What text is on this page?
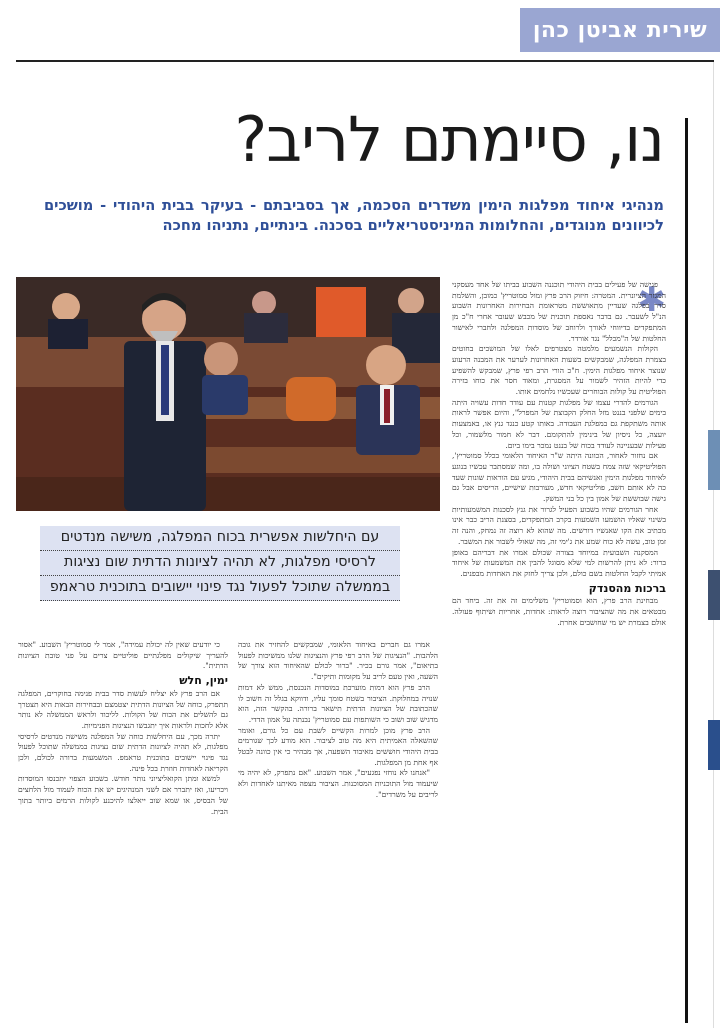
שירית אביטן כהן
נו, סיימתם לריב?
מנהיגי איחוד מפלגות הימין משדרים הסכמה, אך בסביבתם - בעיקר בבית היהודי - מושכים לכיוונים מנוגדים, והחלומות המיניסטריאליים בסכנה. בינתיים, נתניהו מחכה
עם היחלשות אפשרית בכוח המפלגה, משישה מנדטים
לרסיסי מפלגות, לא תהיה לציונות הדתית שום נציגות
בממשלה שתוכל לפעול נגד פינוי יישובים בתוכנית טראמפ
✱

פגישה של פעילים בבית היהודי תוכננה השבוע בביתו של אחד מעסקני המגזר הציונרית. המטרה: חיזוק הרב פרץ ומול סמוטריץ' כמובן, והשלמת סדר בפלגה שעדיין מתאוששת מטראומת הבחירות האחרונות השבוע הנ"ל לשעבר. גם בדבר נאספת תוכנית של מכבש שעובר אחרי ח"כ מן המתפקדים בדיווחי לאורך ולרוחב של מוסדות המפלגה ולחברי לאישור החלטות של ה"מכלל" נגד אורדר.

הקולות הנשמעים מלמטה מצטרפים לאלו של המושכים בחוטים בצמרת המפלגה, שמבקשים בשעות האחרונות לערער את המבנה הרעוע שנוצר איחוד מפלגות הימין. ח"כ הורי הרב רפי פרץ, שמבקש להשפיע כדי להיות הזהיר לשמור על המסגרת, ומאוד חסר את כוחו בזירה הפוליטית על קולות הבוחרים שעכשיו נלחמים אותו.

הגורמים להדרי עצמו של מפלגות קטנות עם עודד חדות עשויה היתה בימים שלפני בננט מזל החלק הקבוצת של המפרל", והיום אפשר לראות אותה משתקפת גם במפלגת העבודה. באותו קטע כנגד גנץ או, באמצעות יועצה, כל ניסיון של בינימין להתקומם. דבר לא חמור מלשמור, וכל פעילות שבעניינה לעודד בכוח של בננט נמכר בימו ביום.

אם נחזור לאחור, הכוונה היתה ש"ר האיחוד הלאומי בכלל סמוטריץ', הפוליטיקאי שזה צמח בשטח הציוני ושולה בו, ומה שמסתבר עכשיו בנוגע לאיחוד מפלגות הימין ואנשיהם בבית היהודי, מגיע עם הוראות שונות שעד כה לא אותם חשב, פוליטיקאי חדש, מעורבות שישיים, הריסים אבל גם גישה שבוששת של אמון בין כל בני המשק.

אחר הגורמים שהיו בשבוע הפעיל לגרור את גנץ לסכנות המשמעותיות בשינוי שאליו הושמעו השמעות בקרב המתפקדים, בסצנת הריב כבר אינו מכתיב את הקו שאנשיו דורשים. מה שהוא לא רוצה זה נמחק, והנה זה זמן טוב, עשה לא כוח שמע את ג'ימי זה, מה שאולי לשבור את המשבר.

המסקנה השבועית במיוחד בצורה שכולם אמרו את דבריהם באופן ברור: לא ניתן להרשות למי שלא מסוגל להבין את המשמעות של איחוד אמיתי לקבל החלטות בשם כולם, ולכן צריך לחזק את האחדות מבפנים.

ברכות מהסנדק

מבחינת הרב פרץ, הוא וסמוטריץ' משלימים זה את זה. ביחד הם מבטאים את מה שהציבור רוצה לראות: אחדות, אחריות ושיתוף פעולה. אולם בצמרת יש מי שחושבים אחרת.

אמרו גם חברים באיחוד הלאומי, שמבקשים להחזיר את גובה הלהבות. "הנציגות של הרב רפי פרץ והנציגות שלנו ממשיכות לפעול בתיאום", אמר גורם בכיר. "ברור לכולם שהאיחוד הוא צורך של השעה, ואין טעם לריב על מקומות ותיקים".

הרב פרץ הוא דמות מוערכת במוסדות הנכנסת, ממש לא דמות שנויה במחלוקת. הציבור בשטח סומך עליו, ודווקא בגלל זה חשוב לו שהכתובת של הציונות הדתית תישאר ברורה. בהקשר הזה, הוא מדגיש שוב ושוב כי השותפות עם סמוטריץ' נבנתה על אמון הדדי.

הרב פרץ מוכן למרות הקשיים לשבת עם כל גורם, ואומר שהשאלה האמיתית היא מה טוב לציבור. הוא מודע לכך שגורמים בבית היהודי חוששים מאיבוד השפעה, אך מבהיר כי אין כוונה לבטל אף אחת מן המפלגות.

"אנחנו לא נוחזי נפגעים", אמר השבוע. "אם נתפרק, לא יהיה מי שיעמוד מול התוכניות המסוכנות. הציבור מצפה מאיתנו לאחדות ולא לריבים על משרדים".

כי יודעים שאין לה יכולת עמידה", אמר לי סמוטריץ' השבוע. "אסור להעריך שיקולים מפלגתיים פוליטיים צרים על פני טובת הציונות הדתית".

ימין, חלש

אם הרב פרץ לא יצליח לעשות סדר בבית פנימה בחוקרים, המפלגה תתפרק, כוחה של הציונות הדתית יצטמצם ובבחירות הבאות היא תצטרך גם להשלים את הכוח של הקולות. לליכוד ולראש הממשלה לא נותר אלא לחכות ולראות איך יתגבשו הנציגות הפנימיות.

יתרה מכך, עם היחלשות כוחה של המפלגה משישה מנדטים לרסיסי מפלגות, לא תהיה לציונות הדתית שום נציגות בממשלה שתוכל לפעול נגד פינוי יישובים בתוכנית טראמפ. המשמעות ברורה לכולם, ולכן הקריאה לאחדות חוזרת בכל פינה.

למשא ומתן הקואליציוני נותר חודש. בשבוע הצפוי יתכנסו המוסדות ויכריעו, ואז יתברר אם לשני המנהיגים יש את הכוח לעמוד מול הלחצים של הבסיס, או שמא שוב ייאלצו להיכנע לקולות הרמים ביותר בתוך הבית.
